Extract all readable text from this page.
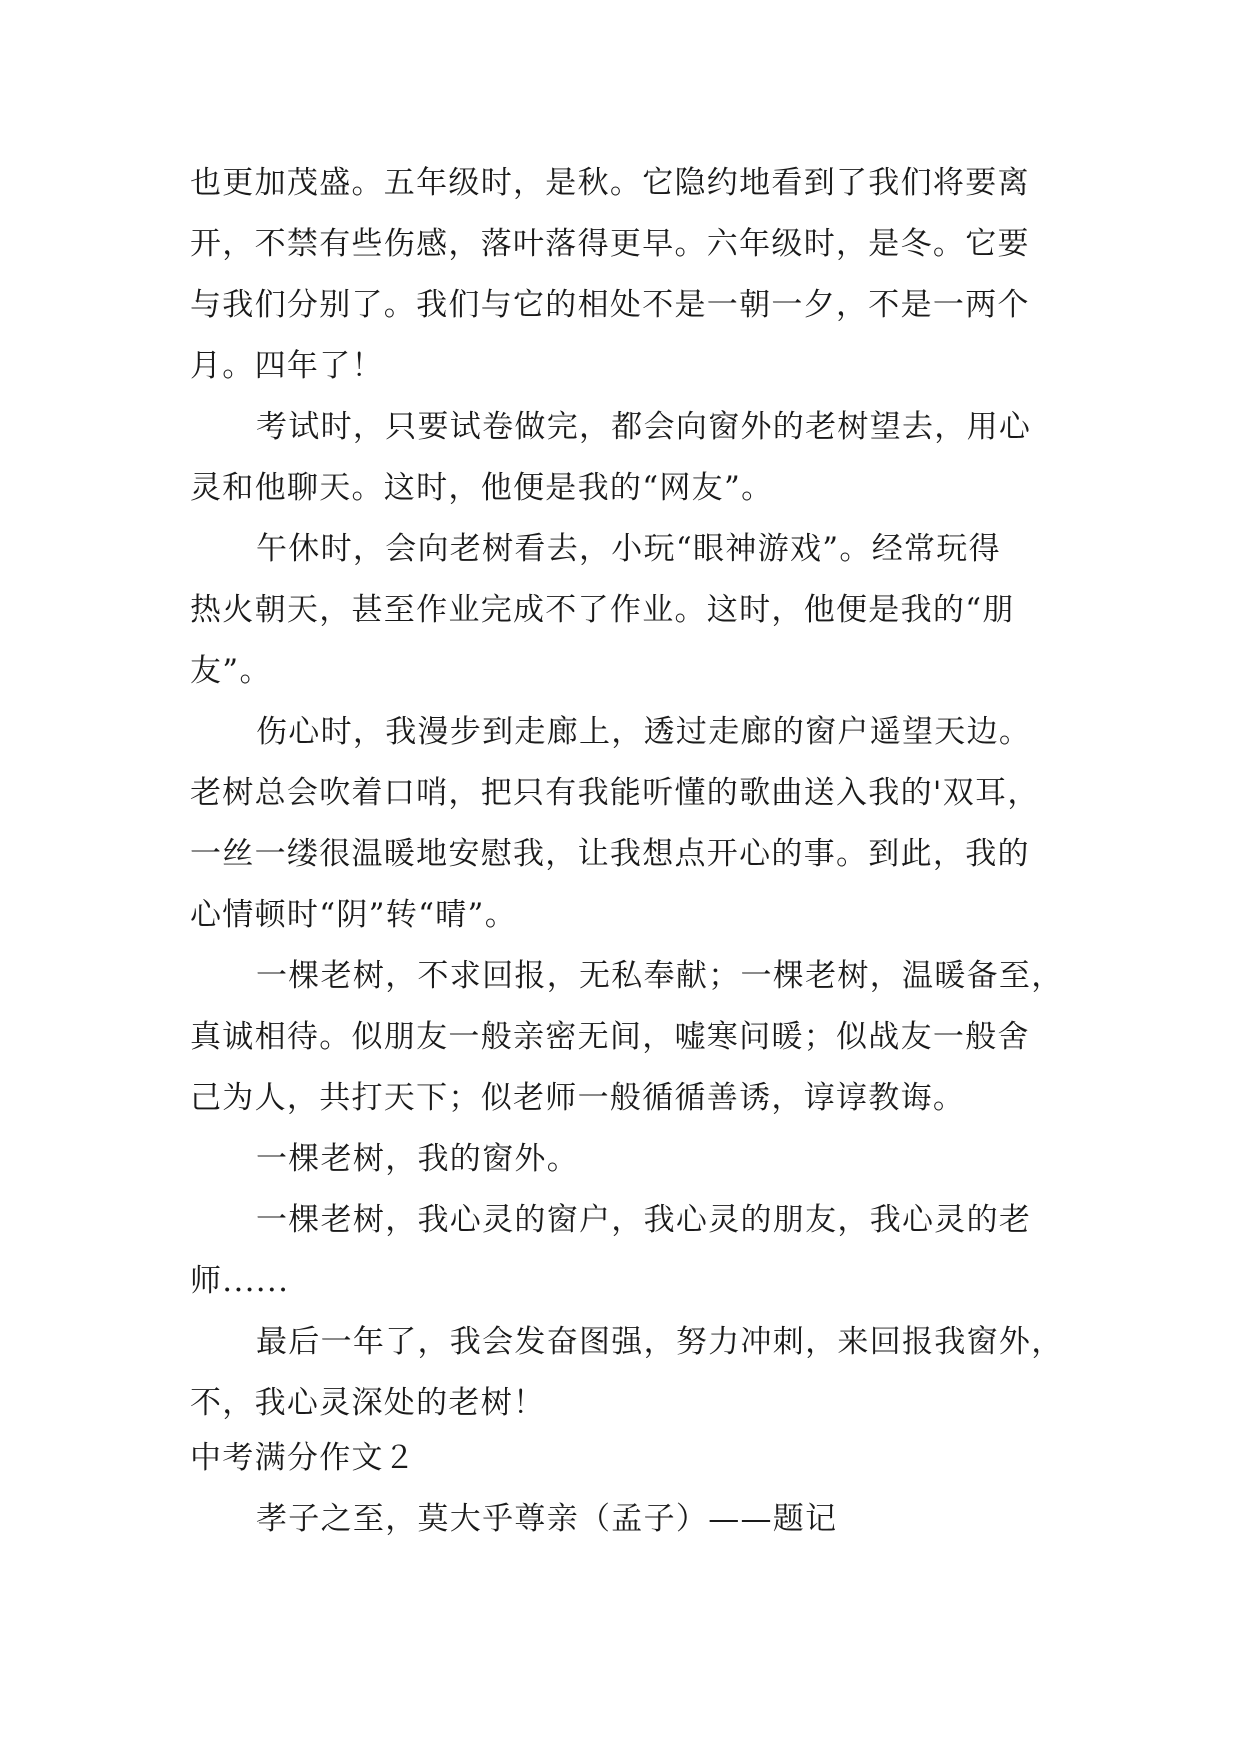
也更加茂盛。五年级时，是秋。它隐约地看到了我们将要离
开，不禁有些伤感，落叶落得更早。六年级时，是冬。它要
与我们分别了。我们与它的相处不是一朝一夕，不是一两个
月。四年了！
考试时，只要试卷做完，都会向窗外的老树望去，用心
灵和他聊天。这时，他便是我的“网友”。
午休时，会向老树看去，小玩“眼神游戏”。经常玩得
热火朝天，甚至作业完成不了作业。这时，他便是我的“朋
友”。
伤心时，我漫步到走廊上，透过走廊的窗户遥望天边。
老树总会吹着口哨，把只有我能听懂的歌曲送入我的'双耳，
一丝一缕很温暖地安慰我，让我想点开心的事。到此，我的
心情顿时“阴”转“晴”。
一棵老树，不求回报，无私奉献；一棵老树，温暖备至，
真诚相待。似朋友一般亲密无间，嘘寒问暖；似战友一般舍
己为人，共打天下；似老师一般循循善诱，谆谆教诲。
一棵老树，我的窗外。
一棵老树，我心灵的窗户，我心灵的朋友，我心灵的老
师......
最后一年了，我会发奋图强，努力冲刺，来回报我窗外，
不，我心灵深处的老树！
中考满分作文２
孝子之至，莫大乎尊亲（孟子）——题记
